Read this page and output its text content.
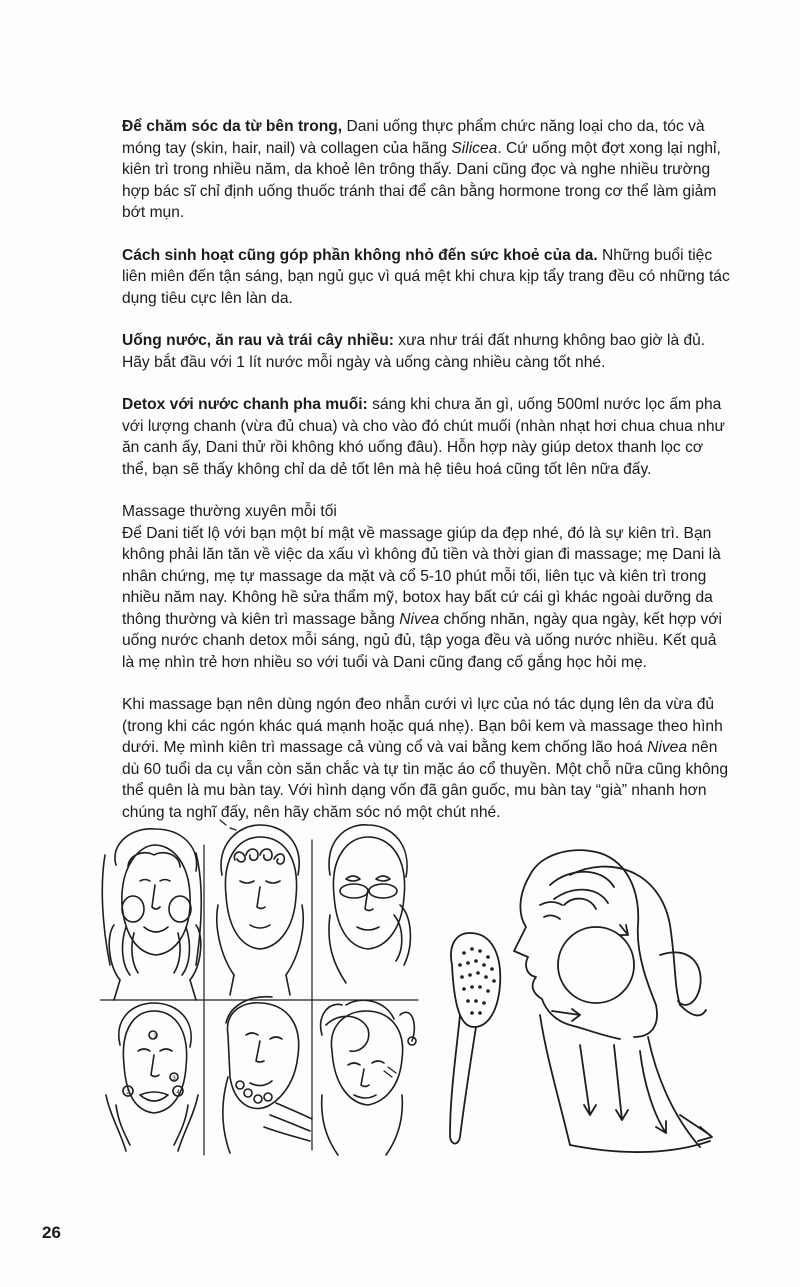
Để chăm sóc da từ bên trong, Dani uống thực phẩm chức năng loại cho da, tóc và móng tay (skin, hair, nail) và collagen của hãng Silicea. Cứ uống một đợt xong lại nghỉ, kiên trì trong nhiều năm, da khoẻ lên trông thấy. Dani cũng đọc và nghe nhiều trường hợp bác sĩ chỉ định uống thuốc tránh thai để cân bằng hormone trong cơ thể làm giảm bớt mụn.

Cách sinh hoạt cũng góp phần không nhỏ đến sức khoẻ của da. Những buổi tiệc liên miên đến tận sáng, bạn ngủ gục vì quá mệt khi chưa kịp tẩy trang đều có những tác dụng tiêu cực lên làn da.

Uống nước, ăn rau và trái cây nhiều: xưa như trái đất nhưng không bao giờ là đủ. Hãy bắt đầu với 1 lít nước mỗi ngày và uống càng nhiều càng tốt nhé.

Detox với nước chanh pha muối: sáng khi chưa ăn gì, uống 500ml nước lọc ấm pha với lượng chanh (vừa đủ chua) và cho vào đó chút muối (nhàn nhạt hơi chua chua như ăn canh ấy, Dani thử rồi không khó uống đâu). Hỗn hợp này giúp detox thanh lọc cơ thể, bạn sẽ thấy không chỉ da dẻ tốt lên mà hệ tiêu hoá cũng tốt lên nữa đấy.

Massage thường xuyên mỗi tối

Để Dani tiết lộ với bạn một bí mật về massage giúp da đẹp nhé, đó là sự kiên trì. Bạn không phải lăn tăn về việc da xấu vì không đủ tiền và thời gian đi massage; mẹ Dani là nhân chứng, mẹ tự massage da mặt và cổ 5-10 phút mỗi tối, liên tục và kiên trì trong nhiều năm nay. Không hề sửa thẩm mỹ, botox hay bất cứ cái gì khác ngoài dưỡng da thông thường và kiên trì massage bằng Nivea chống nhăn, ngày qua ngày, kết hợp với uống nước chanh detox mỗi sáng, ngủ đủ, tập yoga đều và uống nước nhiều. Kết quả là mẹ nhìn trẻ hơn nhiều so với tuổi và Dani cũng đang cố gắng học hỏi mẹ.

Khi massage bạn nên dùng ngón đeo nhẫn cưới vì lực của nó tác dụng lên da vừa đủ (trong khi các ngón khác quá mạnh hoặc quá nhẹ). Bạn bôi kem và massage theo hình dưới. Mẹ mình kiên trì massage cả vùng cổ và vai bằng kem chống lão hoá Nivea nên dù 60 tuổi da cụ vẫn còn săn chắc và tự tin mặc áo cổ thuyền. Một chỗ nữa cũng không thể quên là mu bàn tay. Với hình dạng vốn đã gân guốc, mu bàn tay “già” nhanh hơn chúng ta nghĩ đấy, nên hãy chăm sóc nó một chút nhé.

1
2
3
4
26
